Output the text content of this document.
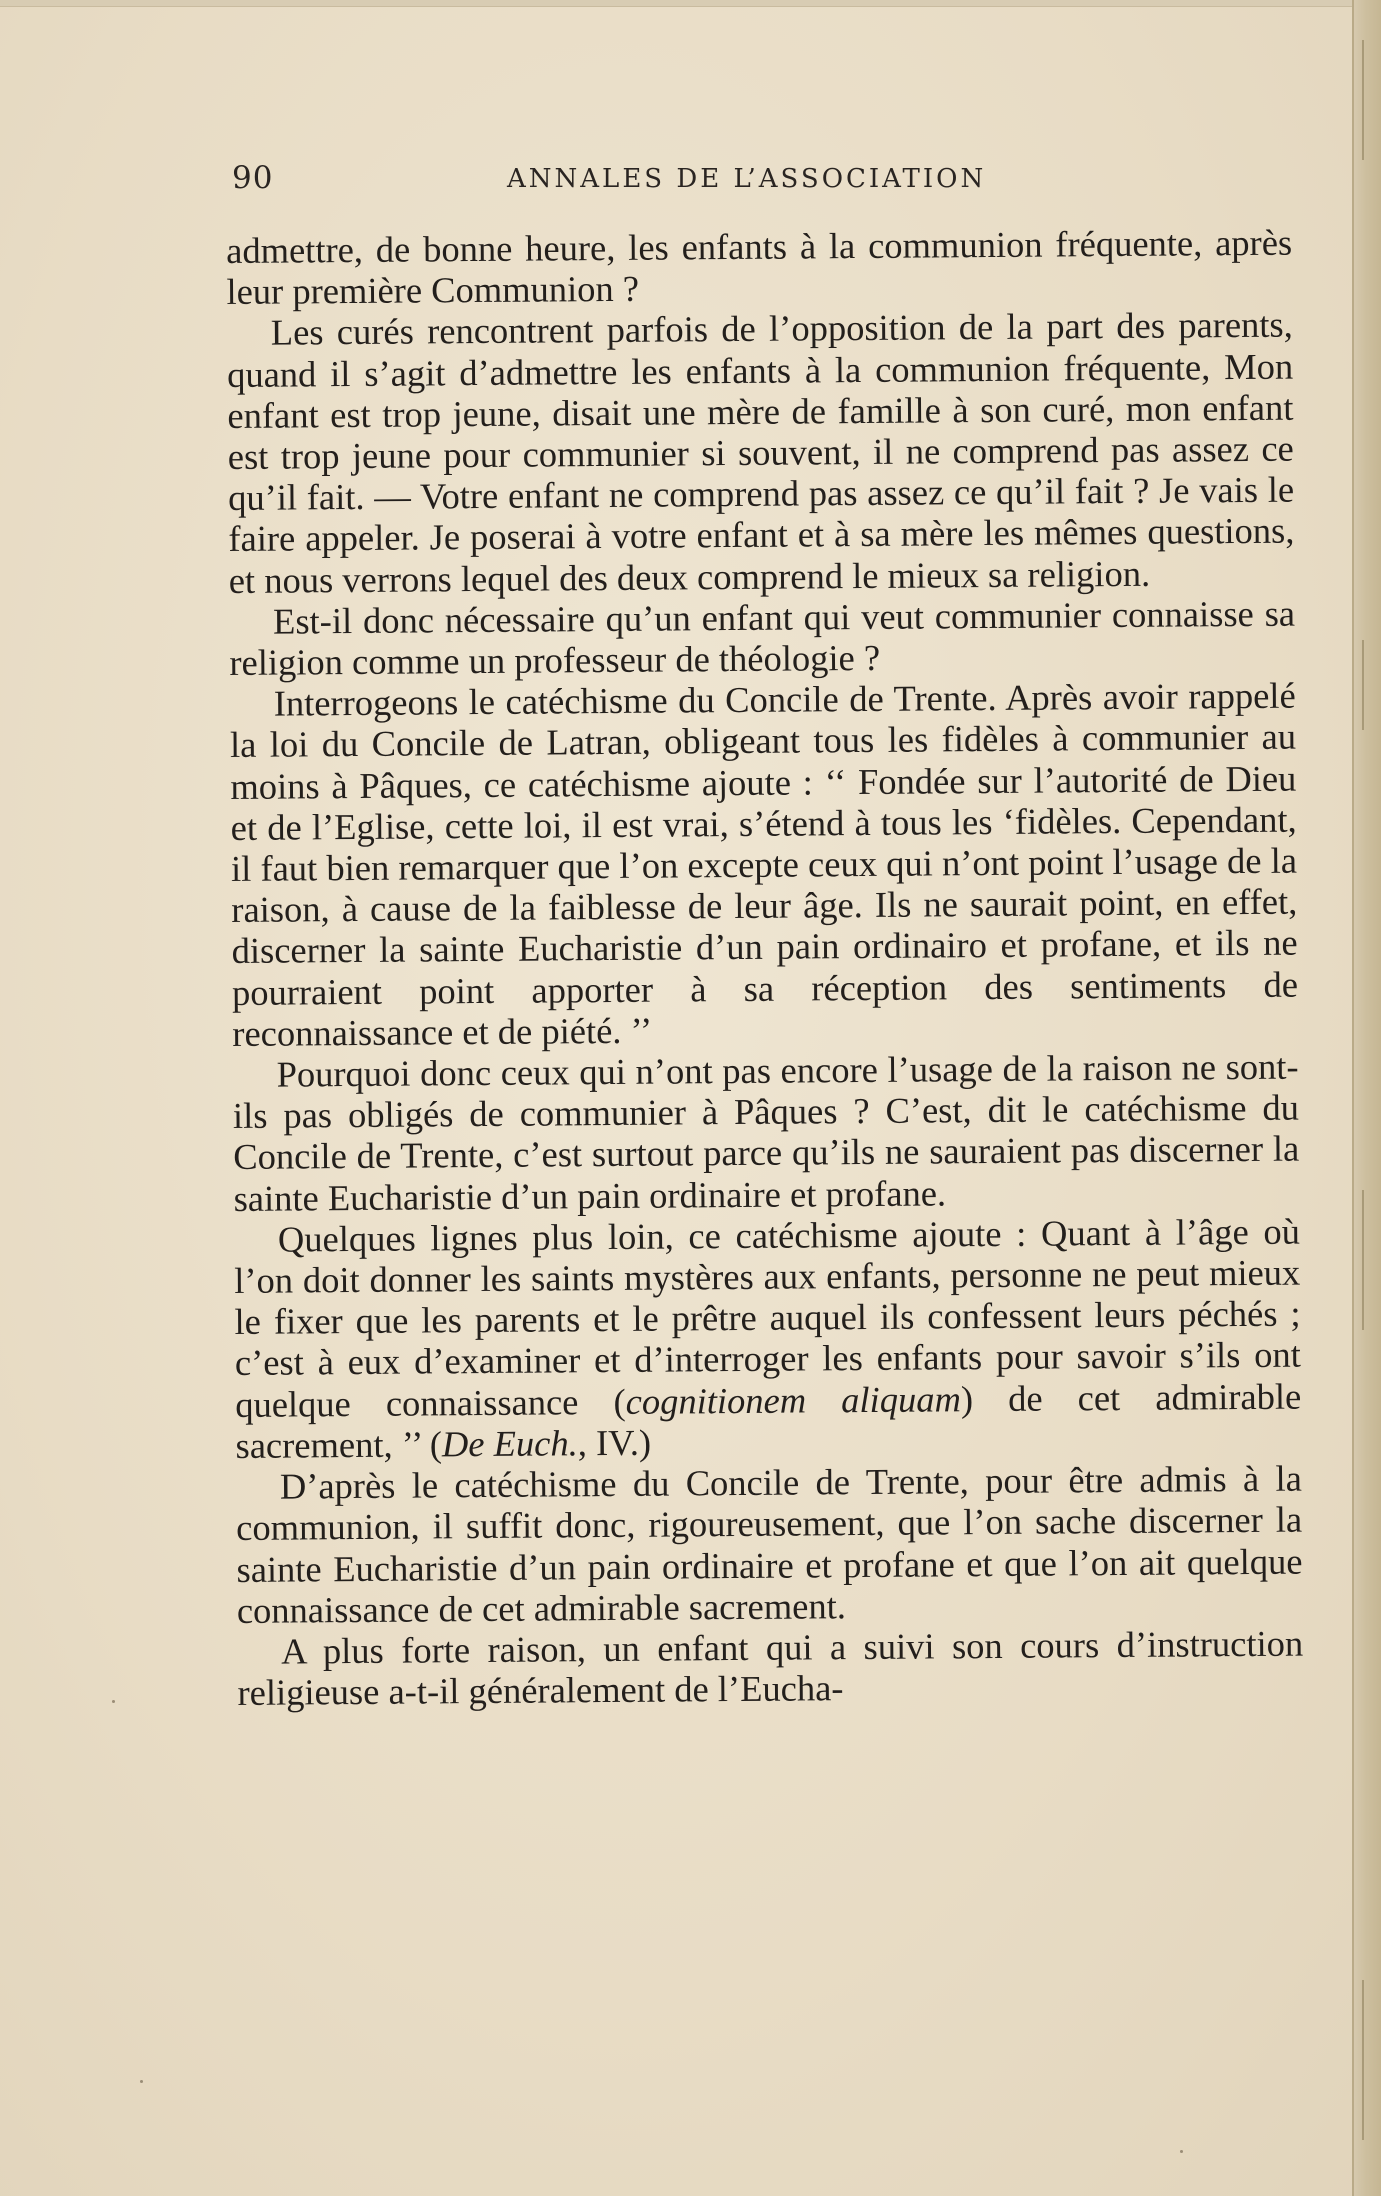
90	ANNALES DE L’ASSOCIATION

admettre, de bonne heure, les enfants à la communion fréquente, après leur première Communion ?

Les curés rencontrent parfois de l’opposition de la part des parents, quand il s’agit d’admettre les enfants à la communion fréquente, Mon enfant est trop jeune, disait une mère de famille à son curé, mon enfant est trop jeune pour communier si souvent, il ne comprend pas assez ce qu’il fait. — Votre enfant ne comprend pas assez ce qu’il fait ? Je vais le faire appeler. Je poserai à votre enfant et à sa mère les mêmes questions, et nous verrons lequel des deux comprend le mieux sa religion.

Est-il donc nécessaire qu’un enfant qui veut communier connaisse sa religion comme un professeur de théologie ?

Interrogeons le catéchisme du Concile de Trente. Après avoir rappelé la loi du Concile de Latran, obligeant tous les fidèles à communier au moins à Pâques, ce catéchisme ajoute : ‘‘ Fondée sur l’autorité de Dieu et de l’Eglise, cette loi, il est vrai, s’étend à tous les ‘fidèles. Cependant, il faut bien remarquer que l’on excepte ceux qui n’ont point l’usage de la raison, à cause de la faiblesse de leur âge. Ils ne saurait point, en effet, discerner la sainte Eucharistie d’un pain ordinairo et profane, et ils ne pourraient point apporter à sa réception des sentiments de reconnaissance et de piété. ’’

Pourquoi donc ceux qui n’ont pas encore l’usage de la raison ne sont-ils pas obligés de communier à Pâques ? C’est, dit le catéchisme du Concile de Trente, c’est surtout parce qu’ils ne sauraient pas discerner la sainte Eucharistie d’un pain ordinaire et profane.

Quelques lignes plus loin, ce catéchisme ajoute : Quant à l’âge où l’on doit donner les saints mystères aux enfants, personne ne peut mieux le fixer que les parents et le prêtre auquel ils confessent leurs péchés ; c’est à eux d’examiner et d’interroger les enfants pour savoir s’ils ont quelque connaissance (cognitionem aliquam) de cet admirable sacrement, ’’ (De Euch., IV.)

D’après le catéchisme du Concile de Trente, pour être admis à la communion, il suffit donc, rigoureusement, que l’on sache discerner la sainte Eucharistie d’un pain ordinaire et profane et que l’on ait quelque connaissance de cet admirable sacrement.

A plus forte raison, un enfant qui a suivi son cours d’instruction religieuse a-t-il généralement de l’Eucha-
